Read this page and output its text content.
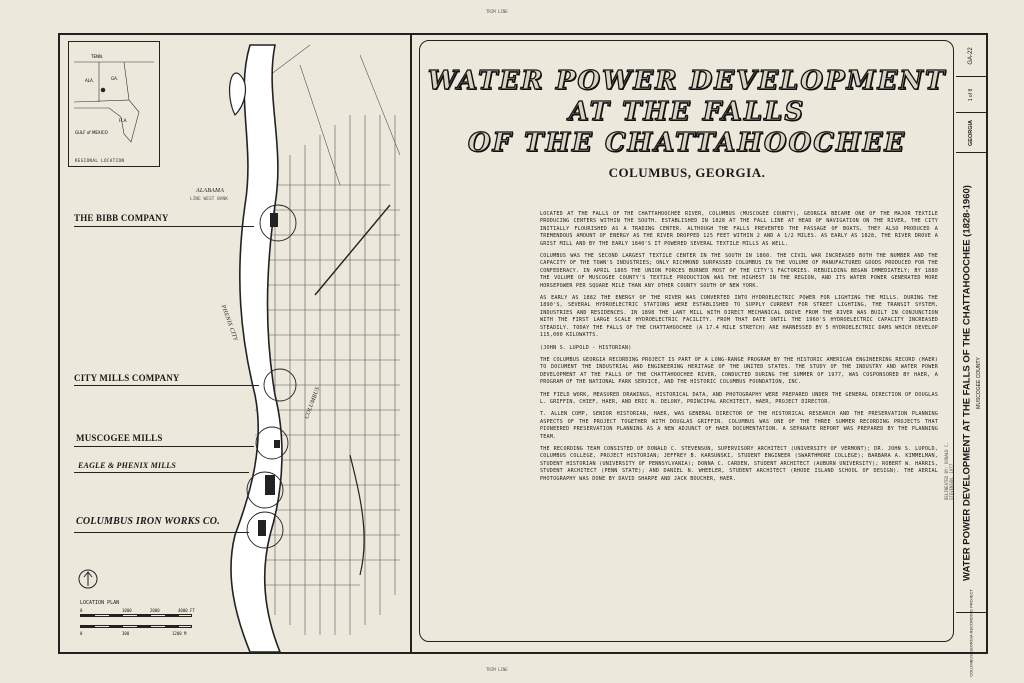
TRIM LINE
TRIM LINE
TENN.
GA.
ALA.
FLA.
GULF of MEXICO
REGIONAL LOCATION
THE BIBB COMPANY
CITY MILLS COMPANY
MUSCOGEE MILLS
EAGLE & PHENIX MILLS
COLUMBUS IRON WORKS CO.
ALABAMA
LINE WEST BANK
COLUMBUS
PHENIX CITY
LOCATION PLAN
0	1000	2000	4000 FT
0	300	1200 M
WATER POWER DEVELOPMENT
AT THE FALLS
OF THE CHATTAHOOCHEE
COLUMBUS, GEORGIA.

LOCATED AT THE FALLS OF THE CHATTAHOOCHEE RIVER, COLUMBUS (MUSCOGEE COUNTY), GEORGIA BECAME ONE OF THE MAJOR TEXTILE PRODUCING CENTERS WITHIN THE SOUTH. ESTABLISHED IN 1828 AT THE FALL LINE AT HEAD OF NAVIGATION ON THE RIVER, THE CITY INITIALLY FLOURISHED AS A TRADING CENTER. ALTHOUGH THE FALLS PREVENTED THE PASSAGE OF BOATS, THEY ALSO PRODUCED A TREMENDOUS AMOUNT OF ENERGY AS THE RIVER DROPPED 125 FEET WITHIN 2 AND A 1/2 MILES. AS EARLY AS 1828, THE RIVER DROVE A GRIST MILL AND BY THE EARLY 1840'S IT POWERED SEVERAL TEXTILE MILLS AS WELL.

COLUMBUS WAS THE SECOND LARGEST TEXTILE CENTER IN THE SOUTH IN 1860. THE CIVIL WAR INCREASED BOTH THE NUMBER AND THE CAPACITY OF THE TOWN'S INDUSTRIES; ONLY RICHMOND SURPASSED COLUMBUS IN THE VOLUME OF MANUFACTURED GOODS PRODUCED FOR THE CONFEDERACY. IN APRIL 1865 THE UNION FORCES BURNED MOST OF THE CITY'S FACTORIES. REBUILDING BEGAN IMMEDIATELY; BY 1880 THE VOLUME OF MUSCOGEE COUNTY'S TEXTILE PRODUCTION WAS THE HIGHEST IN THE REGION, AND ITS WATER POWER GENERATED MORE HORSEPOWER PER SQUARE MILE THAN ANY OTHER COUNTY SOUTH OF NEW YORK.

AS EARLY AS 1882 THE ENERGY OF THE RIVER WAS CONVERTED INTO HYDROELECTRIC POWER FOR LIGHTING THE MILLS. DURING THE 1890'S, SEVERAL HYDROELECTRIC STATIONS WERE ESTABLISHED TO SUPPLY CURRENT FOR STREET LIGHTING, THE TRANSIT SYSTEM, INDUSTRIES AND RESIDENCES. IN 1898 THE LANT MILL WITH DIRECT MECHANICAL DRIVE FROM THE RIVER WAS BUILT IN CONJUNCTION WITH THE FIRST LARGE SCALE HYDROELECTRIC FACILITY. FROM THAT DATE UNTIL THE 1960'S HYDROELECTRIC CAPACITY INCREASED STEADILY. TODAY THE FALLS OF THE CHATTAHOOCHEE (A 17.4 MILE STRETCH) ARE HARNESSED BY 5 HYDROELECTRIC DAMS WHICH DEVELOP 115,000 KILOWATTS.

(JOHN S. LUPOLD - HISTORIAN)

THE COLUMBUS GEORGIA RECORDING PROJECT IS PART OF A LONG-RANGE PROGRAM BY THE HISTORIC AMERICAN ENGINEERING RECORD (HAER) TO DOCUMENT THE INDUSTRIAL AND ENGINEERING HERITAGE OF THE UNITED STATES. THE STUDY OF THE INDUSTRY AND WATER POWER DEVELOPMENT AT THE FALLS OF THE CHATTAHOOCHEE RIVER, CONDUCTED DURING THE SUMMER OF 1977, WAS COSPONSORED BY HAER, A PROGRAM OF THE NATIONAL PARK SERVICE, AND THE HISTORIC COLUMBUS FOUNDATION, INC.

THE FIELD WORK, MEASURED DRAWINGS, HISTORICAL DATA, AND PHOTOGRAPHY WERE PREPARED UNDER THE GENERAL DIRECTION OF DOUGLAS L. GRIFFIN, CHIEF, HAER, AND ERIC N. DELONY, PRINCIPAL ARCHITECT, HAER, PROJECT DIRECTOR.

T. ALLEN COMP, SENIOR HISTORIAN, HAER, WAS GENERAL DIRECTOR OF THE HISTORICAL RESEARCH AND THE PRESERVATION PLANNING ASPECTS OF THE PROJECT TOGETHER WITH DOUGLAS GRIFFIN. COLUMBUS WAS ONE OF THE THREE SUMMER RECORDING PROJECTS THAT PIONEERED PRESERVATION PLANNING AS A NEW ADJUNCT OF HAER DOCUMENTATION. A SEPARATE REPORT WAS PREPARED BY THE PLANNING TEAM.

THE RECORDING TEAM CONSISTED OF DONALD C. STEVENSON, SUPERVISORY ARCHITECT (UNIVERSITY OF VERMONT); DR. JOHN S. LUPOLD, COLUMBUS COLLEGE, PROJECT HISTORIAN; JEFFREY B. KARSUNSKI, STUDENT ENGINEER (SWARTHMORE COLLEGE); BARBARA A. KIMMELMAN, STUDENT HISTORIAN (UNIVERSITY OF PENNSYLVANIA); DONNA C. CARDEN, STUDENT ARCHITECT (AUBURN UNIVERSITY); ROBERT W. HARRIS, STUDENT ARCHITECT (PENN STATE); AND DANIEL N. WHEELER, STUDENT ARCHITECT (RHODE ISLAND SCHOOL OF DESIGN). THE AERIAL PHOTOGRAPHY WAS DONE BY DAVID SHARPE AND JACK BOUCHER, HAER.

GA-22
1 of 8
GEORGIA
WATER POWER DEVELOPMENT AT THE FALLS OF THE CHATTAHOOCHEE (1828-1960) MUSCOGEE COUNTY
COLUMBUS GEORGIA RECORDING PROJECT
DELINEATED BY: DONALD C. STEVENSON, 1977
